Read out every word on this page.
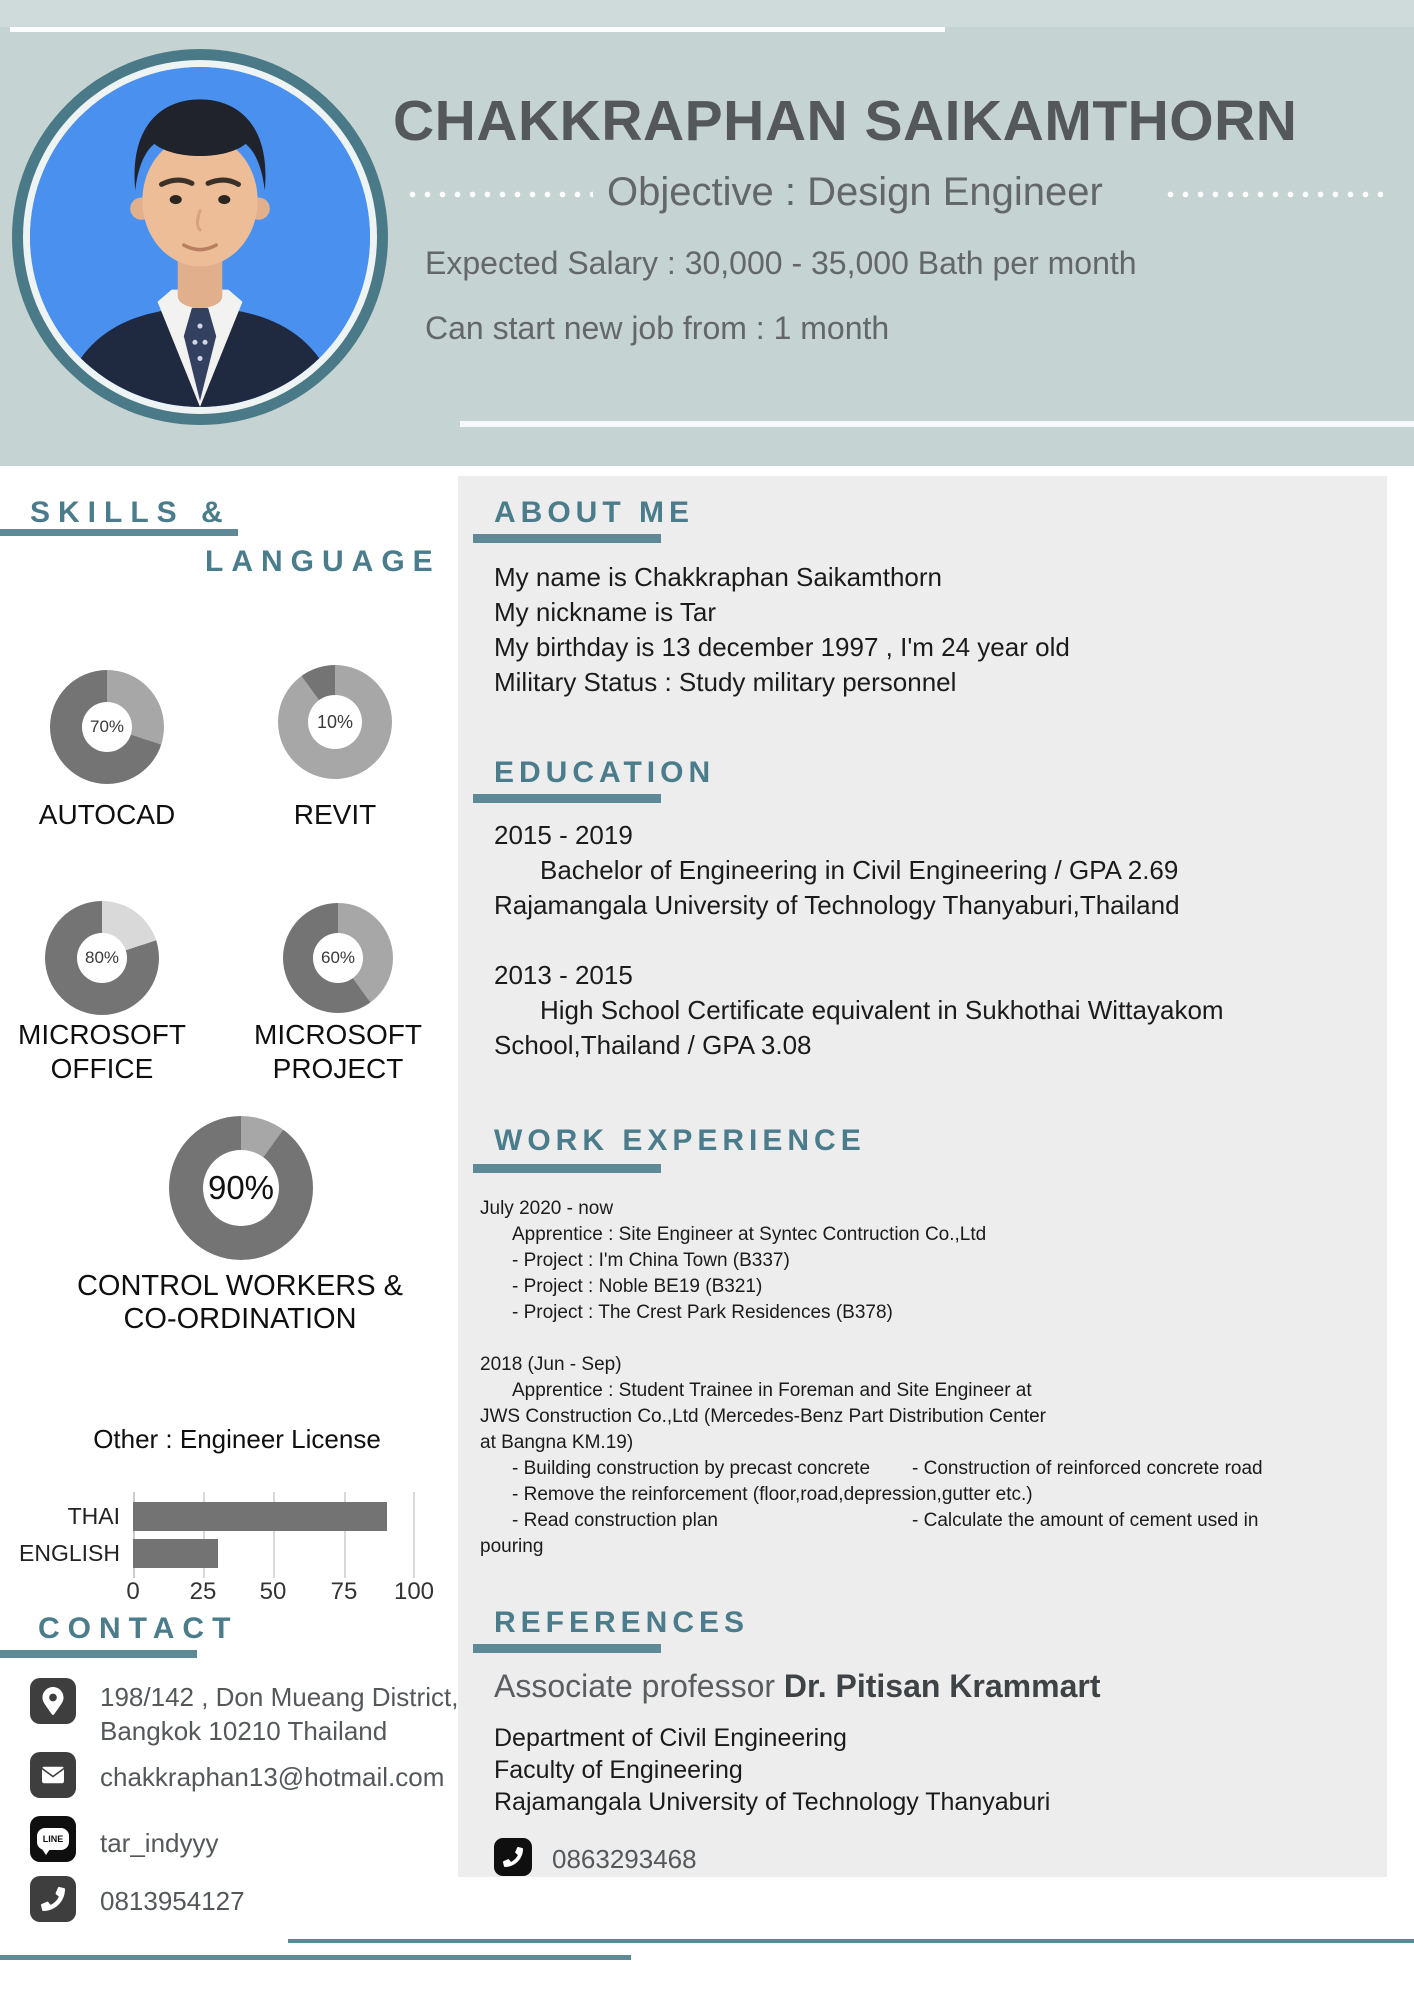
CHAKKRAPHAN SAIKAMTHORN
Objective : Design Engineer
Expected Salary : 30,000 - 35,000 Bath per month
Can start new job from : 1 month
SKILLS &
LANGUAGE
70%	10%
AUTOCAD	REVIT
80%	60%
MICROSOFT
OFFICE
MICROSOFT
PROJECT
90%
CONTROL WORKERS &
CO-ORDINATION
Other : Engineer License
THAI
ENGLISH
0	25	50	75	100
CONTACT
198/142 , Don Mueang District,
Bangkok 10210 Thailand
chakkraphan13@hotmail.com
LINE tar_indyyy
0813954127
ABOUT ME
My name is Chakkraphan Saikamthorn
My nickname is Tar
My birthday is 13 december 1997 , I'm 24 year old
Military Status : Study military personnel
EDUCATION
2015 - 2019
Bachelor of Engineering in Civil Engineering / GPA 2.69
Rajamangala University of Technology Thanyaburi,Thailand
2013 - 2015
High School Certificate equivalent in Sukhothai Wittayakom
School,Thailand / GPA 3.08
WORK EXPERIENCE
July 2020 - now
Apprentice : Site Engineer at Syntec Contruction Co.,Ltd
- Project : I'm China Town (B337)
- Project : Noble BE19 (B321)
- Project : The Crest Park Residences (B378)
2018 (Jun - Sep)
Apprentice : Student Trainee in Foreman and Site Engineer at
JWS Construction Co.,Ltd (Mercedes-Benz Part Distribution Center
at Bangna KM.19)
- Building construction by precast concrete - Construction of reinforced concrete road
- Remove the reinforcement (floor,road,depression,gutter etc.)
- Read construction plan	- Calculate the amount of cement used in
pouring
REFERENCES
Associate professor Dr. Pitisan Krammart
Department of Civil Engineering
Faculty of Engineering
Rajamangala University of Technology Thanyaburi
0863293468
